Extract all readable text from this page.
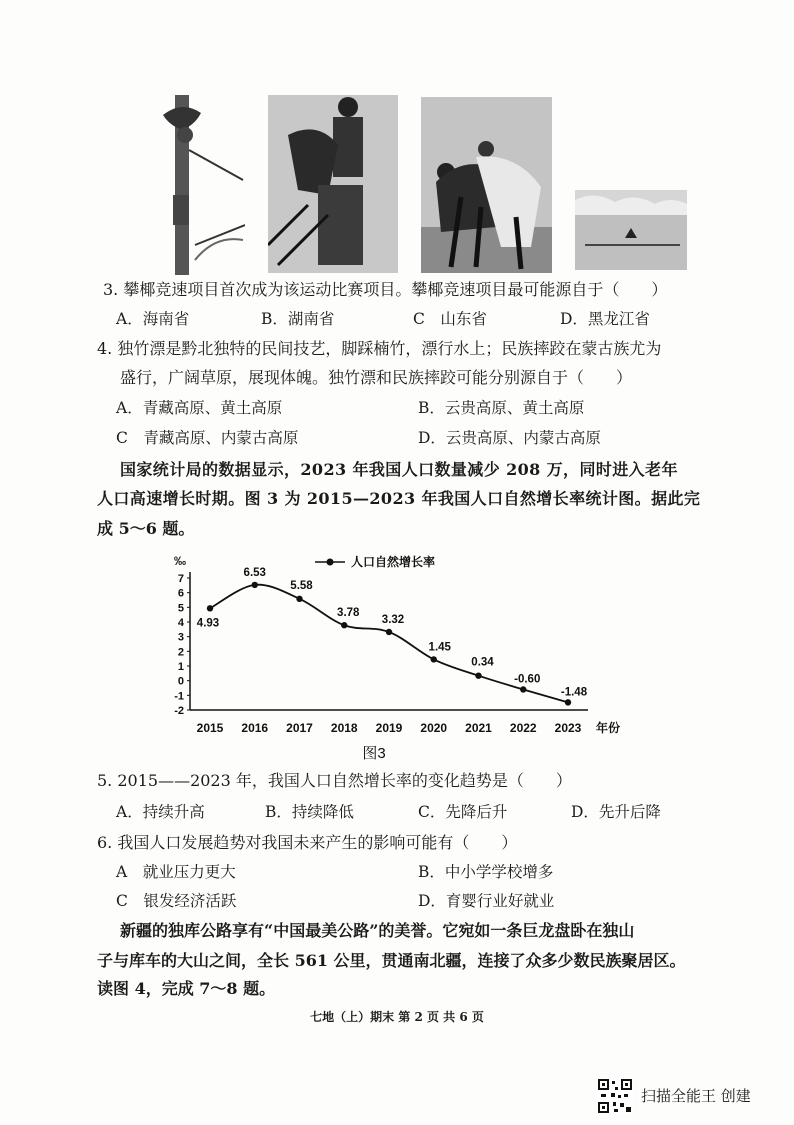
3. 攀椰竞速项目首次成为该运动比赛项目。攀椰竞速项目最可能源自于（　　）
A．海南省	B．湖南省	C　山东省	D．黑龙江省
4. 独竹漂是黔北独特的民间技艺，脚踩楠竹，漂行水上；民族摔跤在蒙古族尤为
盛行，广阔草原，展现体魄。独竹漂和民族摔跤可能分别源自于（　　）
A．青藏高原、黄土高原	B．云贵高原、黄土高原
C　青藏高原、内蒙古高原	D．云贵高原、内蒙古高原
国家统计局的数据显示，2023 年我国人口数量减少 208 万，同时进入老年
人口高速增长时期。图 3 为 2015—2023 年我国人口自然增长率统计图。据此完
成 5～6 题。
7
6
5
4
3
2
1
0
-1
-2
‰
2015 2016 2017 2018 2019 2020 2021 2022 2023 年份
图3
人口自然增长率
4.93
6.53
5.58
3.78
3.32
1.45
0.34
-0.60
-1.48
5. 2015——2023 年，我国人口自然增长率的变化趋势是（　　）
A．持续升高	B．持续降低	C．先降后升	D．先升后降
6. 我国人口发展趋势对我国未来产生的影响可能有（　　）
A　就业压力更大	B．中小学学校增多
C　银发经济活跃	D．育婴行业好就业
新疆的独库公路享有“中国最美公路”的美誉。它宛如一条巨龙盘卧在独山
子与库车的大山之间，全长 561 公里，贯通南北疆，连接了众多少数民族聚居区。
读图 4，完成 7～8 题。
七地（上）期末 第 2 页 共 6 页
扫描全能王 创建
